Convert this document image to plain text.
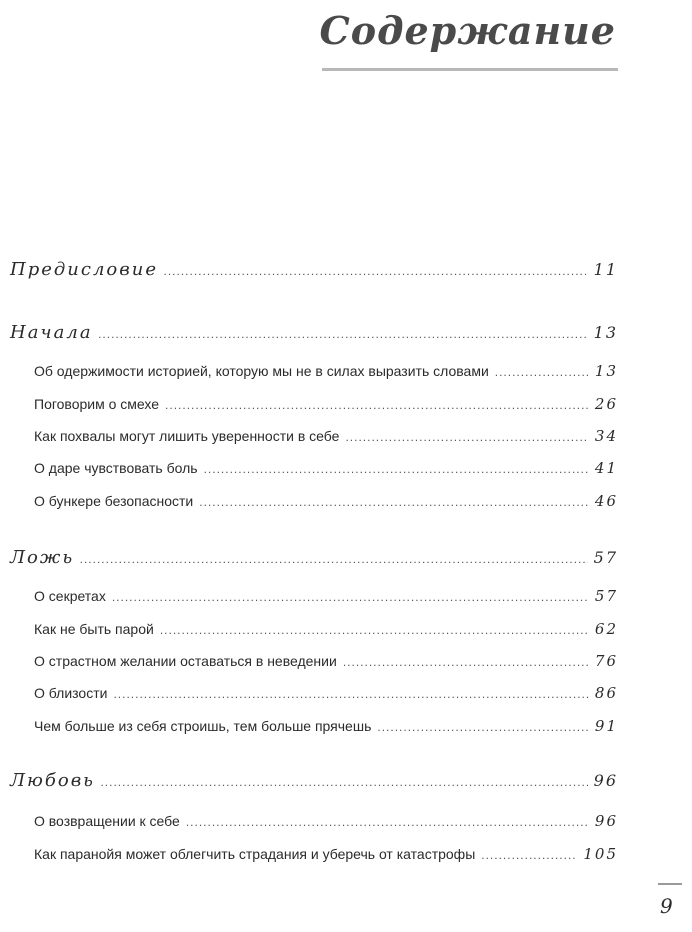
Содержание
Предисловие .....	11
Начала .....	13
Об одержимости историей, которую мы не в силах выразить словами .....	13
Поговорим о смехе .....	26
Как похвалы могут лишить уверенности в себе .....	34
О даре чувствовать боль .....	41
О бункере безопасности .....	46
Ложь .....	57
О секретах .....	57
Как не быть парой .....	62
О страстном желании оставаться в неведении .....	76
О близости .....	86
Чем больше из себя строишь, тем больше прячешь .....	91
Любовь .....	96
О возвращении к себе .....	96
Как паранойя может облегчить страдания и уберечь от катастрофы .....	105
9
